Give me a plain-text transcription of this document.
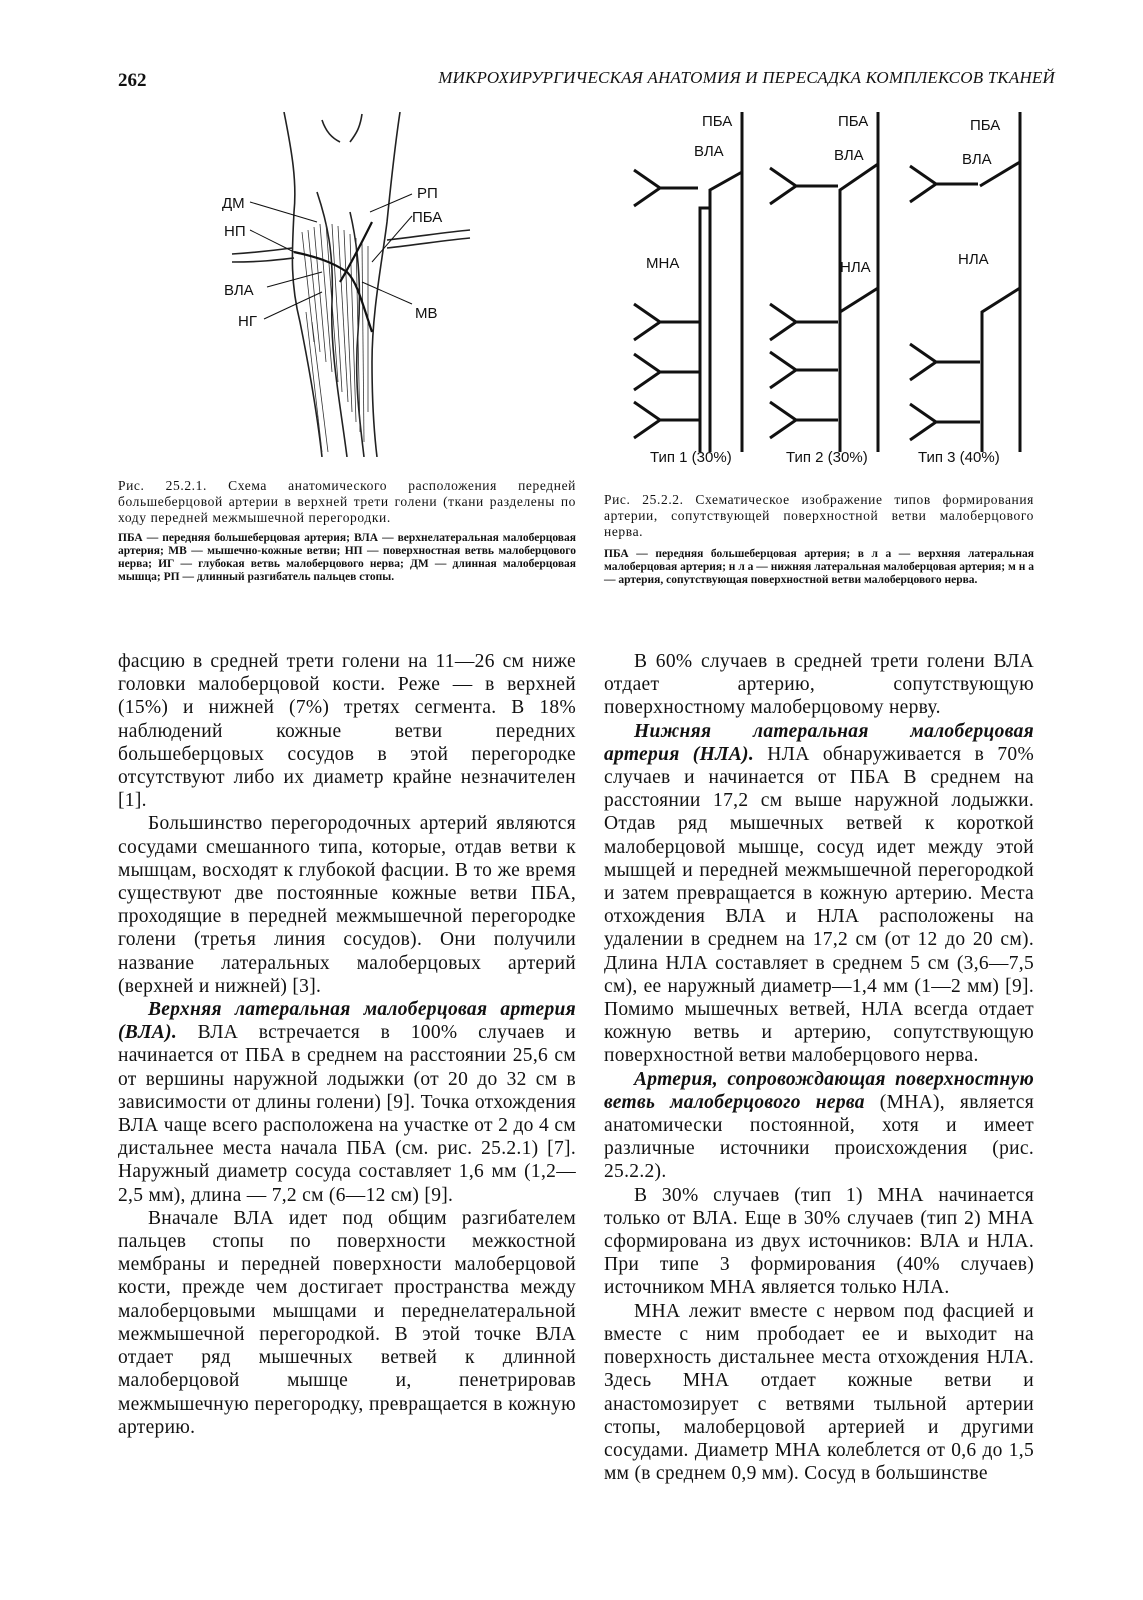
262	МИКРОХИРУРГИЧЕСКАЯ АНАТОМИЯ И ПЕРЕСАДКА КОМПЛЕКСОВ ТКАНЕЙ
ДМ
НП
ВЛА
НГ
РП
ПБА
МВ
Рис. 25.2.1. Схема анатомического расположения передней большеберцовой артерии в верхней трети голени (ткани разделены по ходу передней межмышечной перегородки.
ПБА — передняя большеберцовая артерия; ВЛА — верхнелатеральная малоберцовая артерия; МВ — мышечно-кожные ветви; НП — поверхностная ветвь малоберцового нерва; ИГ — глубокая ветвь малоберцового нерва; ДМ — длинная малоберцовая мышца; РП — длинный разгибатель пальцев стопы.
ПБА
ВЛА
МНА
ПБА
ВЛА
НЛА
ПБА
ВЛА
НЛА
Тип 1 (30%)	Тип 2 (30%)	Тип 3 (40%)
Рис. 25.2.2. Схематическое изображение типов формирования артерии, сопутствующей поверхностной ветви малоберцового нерва.
ПБА — передняя большеберцовая артерия; в л а — верхняя латеральная малоберцовая артерия; н л а — нижняя латеральная малоберцовая артерия; м н а — артерия, сопутствующая поверхностной ветви малоберцового нерва.

фасцию в средней трети голени на 11—26 см ниже головки малоберцовой кости. Реже — в верхней (15%) и нижней (7%) третях сегмента. В 18% наблюдений кожные ветви передних большеберцовых сосудов в этой перегородке отсутствуют либо их диаметр крайне незначителен [1].

Большинство перегородочных артерий являются сосудами смешанного типа, которые, отдав ветви к мышцам, восходят к глубокой фасции. В то же время существуют две постоянные кожные ветви ПБА, проходящие в передней межмышечной перегородке голени (третья линия сосудов). Они получили название латеральных малоберцовых артерий (верхней и нижней) [3].

Верхняя латеральная малоберцовая артерия (ВЛА). ВЛА встречается в 100% случаев и начинается от ПБА в среднем на расстоянии 25,6 см от вершины наружной лодыжки (от 20 до 32 см в зависимости от длины голени) [9]. Точка отхождения ВЛА чаще всего расположена на участке от 2 до 4 см дистальнее места начала ПБА (см. рис. 25.2.1) [7]. Наружный диаметр сосуда составляет 1,6 мм (1,2—2,5 мм), длина — 7,2 см (6—12 см) [9].

Вначале ВЛА идет под общим разгибателем пальцев стопы по поверхности межкостной мембраны и передней поверхности малоберцовой кости, прежде чем достигает пространства между малоберцовыми мышцами и переднелатеральной межмышечной перегородкой. В этой точке ВЛА отдает ряд мышечных ветвей к длинной малоберцовой мышце и, пенетрировав межмышечную перегородку, превращается в кожную артерию.

В 60% случаев в средней трети голени ВЛА отдает артерию, сопутствующую поверхностному малоберцовому нерву.

Нижняя латеральная малоберцовая артерия (НЛА). НЛА обнаруживается в 70% случаев и начинается от ПБА В среднем на расстоянии 17,2 см выше наружной лодыжки. Отдав ряд мышечных ветвей к короткой малоберцовой мышце, сосуд идет между этой мышцей и передней межмышечной перегородкой и затем превращается в кожную артерию. Места отхождения ВЛА и НЛА расположены на удалении в среднем на 17,2 см (от 12 до 20 см). Длина НЛА составляет в среднем 5 см (3,6—7,5 см), ее наружный диаметр—1,4 мм (1—2 мм) [9]. Помимо мышечных ветвей, НЛА всегда отдает кожную ветвь и артерию, сопутствующую поверхностной ветви малоберцового нерва.

Артерия, сопровождающая поверхностную ветвь малоберцового нерва (МНА), является анатомически постоянной, хотя и имеет различные источники происхождения (рис. 25.2.2).

В 30% случаев (тип 1) МНА начинается только от ВЛА. Еще в 30% случаев (тип 2) МНА сформирована из двух источников: ВЛА и НЛА. При типе 3 формирования (40% случаев) источником МНА является только НЛА.

МНА лежит вместе с нервом под фасцией и вместе с ним прободает ее и выходит на поверхность дистальнее места отхождения НЛА. Здесь МНА отдает кожные ветви и анастомозирует с ветвями тыльной артерии стопы, малоберцовой артерией и другими сосудами. Диаметр МНА колеблется от 0,6 до 1,5 мм (в среднем 0,9 мм). Сосуд в большинстве
